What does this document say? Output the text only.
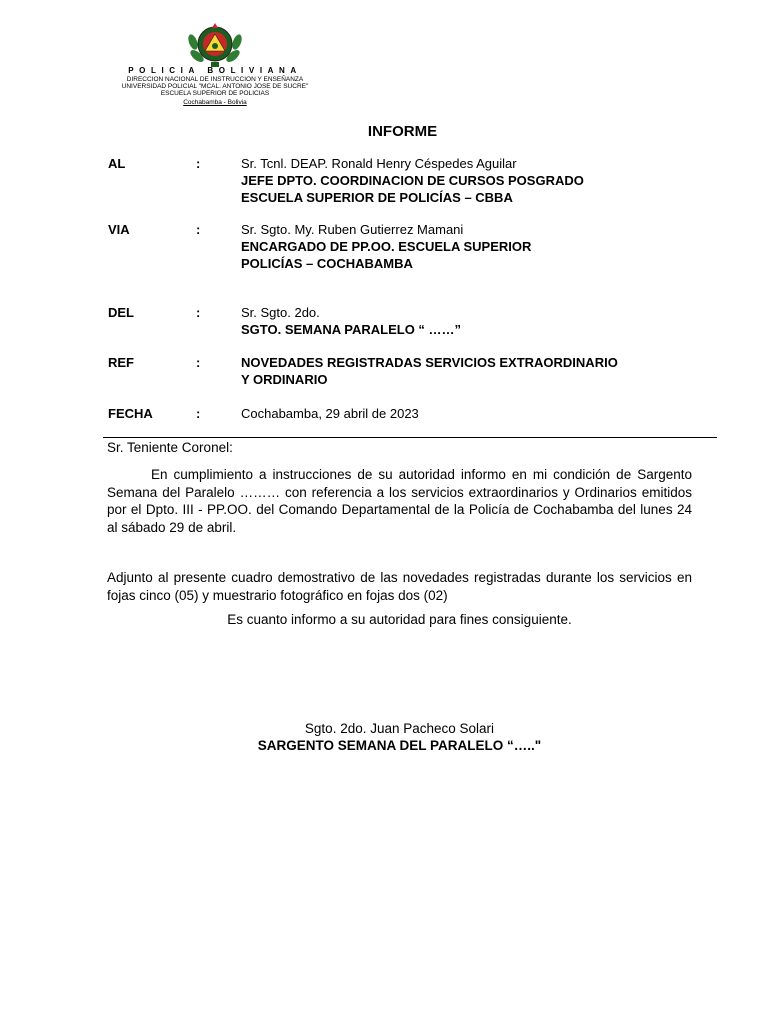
POLICIA BOLIVIANA
DIRECCION NACIONAL DE INSTRUCCION Y ENSEÑANZA
UNIVERSIDAD POLICIAL "MCAL. ANTONIO JOSE DE SUCRE"
ESCUELA SUPERIOR DE POLICIAS
Cochabamba - Bolivia
INFORME
AL	:	Sr. Tcnl. DEAP. Ronald Henry Céspedes Aguilar
JEFE DPTO. COORDINACION DE CURSOS POSGRADO
ESCUELA SUPERIOR DE POLICÍAS – CBBA
VIA	:	Sr. Sgto. My. Ruben Gutierrez Mamani
ENCARGADO DE PP.OO. ESCUELA SUPERIOR
POLICÍAS – COCHABAMBA
DEL	:	Sr. Sgto. 2do.
SGTO. SEMANA PARALELO “ ……”
REF	:	NOVEDADES REGISTRADAS SERVICIOS EXTRAORDINARIO
Y ORDINARIO
FECHA	:	Cochabamba, 29 abril de 2023
Sr. Teniente Coronel:
En cumplimiento a instrucciones de su autoridad informo en mi condición de Sargento Semana del Paralelo ……… con referencia a los servicios extraordinarios y Ordinarios emitidos por el Dpto. III - PP.OO. del Comando Departamental de la Policía de Cochabamba del lunes 24 al sábado 29 de abril.
Adjunto al presente cuadro demostrativo de las novedades registradas durante los servicios en fojas cinco (05) y muestrario fotográfico en fojas dos (02)
Es cuanto informo a su autoridad para fines consiguiente.
Sgto. 2do. Juan Pacheco Solari
SARGENTO SEMANA DEL PARALELO “….."
